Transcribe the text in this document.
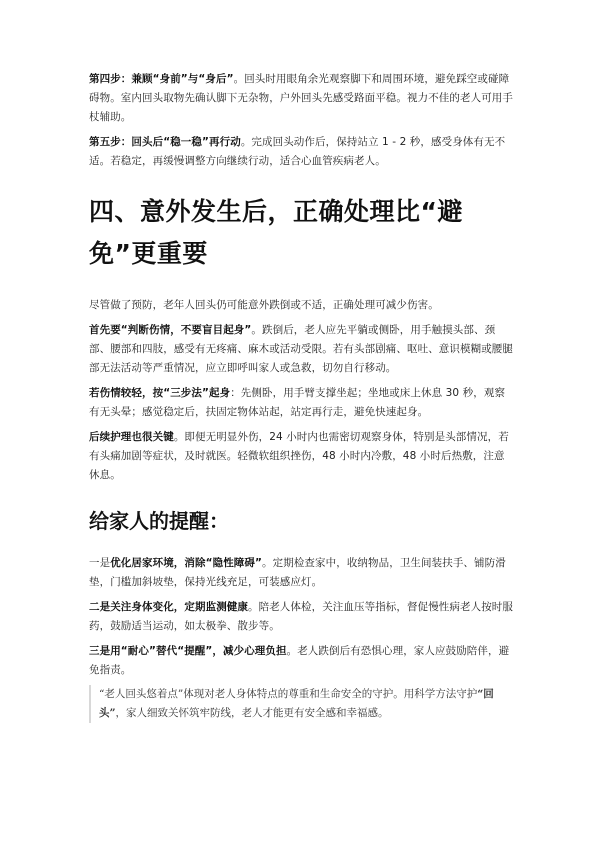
第四步：兼顾“身前”与“身后”。回头时用眼角余光观察脚下和周围环境，避免踩空或碰障碍物。室内回头取物先确认脚下无杂物，户外回头先感受路面平稳。视力不佳的老人可用手杖辅助。

第五步：回头后“稳一稳”再行动。完成回头动作后，保持站立 1 - 2 秒，感受身体有无不适。若稳定，再缓慢调整方向继续行动，适合心血管疾病老人。

四、意外发生后，正确处理比“避免”更重要

尽管做了预防，老年人回头仍可能意外跌倒或不适，正确处理可减少伤害。

首先要“判断伤情，不要盲目起身”。跌倒后，老人应先平躺或侧卧，用手触摸头部、颈部、腰部和四肢，感受有无疼痛、麻木或活动受限。若有头部剧痛、呕吐、意识模糊或腰腿部无法活动等严重情况，应立即呼叫家人或急救，切勿自行移动。

若伤情较轻，按“三步法”起身：先侧卧，用手臂支撑坐起；坐地或床上休息 30 秒，观察有无头晕；感觉稳定后，扶固定物体站起，站定再行走，避免快速起身。

后续护理也很关键。即便无明显外伤，24 小时内也需密切观察身体，特别是头部情况，若有头痛加剧等症状，及时就医。轻微软组织挫伤，48 小时内冷敷，48 小时后热敷，注意休息。

给家人的提醒：

一是优化居家环境，消除“隐性障碍”。定期检查家中，收纳物品，卫生间装扶手、铺防滑垫，门槛加斜坡垫，保持光线充足，可装感应灯。

二是关注身体变化，定期监测健康。陪老人体检，关注血压等指标，督促慢性病老人按时服药，鼓励适当运动，如太极拳、散步等。

三是用“耐心”替代“提醒”，减少心理负担。老人跌倒后有恐惧心理，家人应鼓励陪伴，避免指责。

“老人回头悠着点”体现对老人身体特点的尊重和生命安全的守护。用科学方法守护“回头”，家人细致关怀筑牢防线，老人才能更有安全感和幸福感。
